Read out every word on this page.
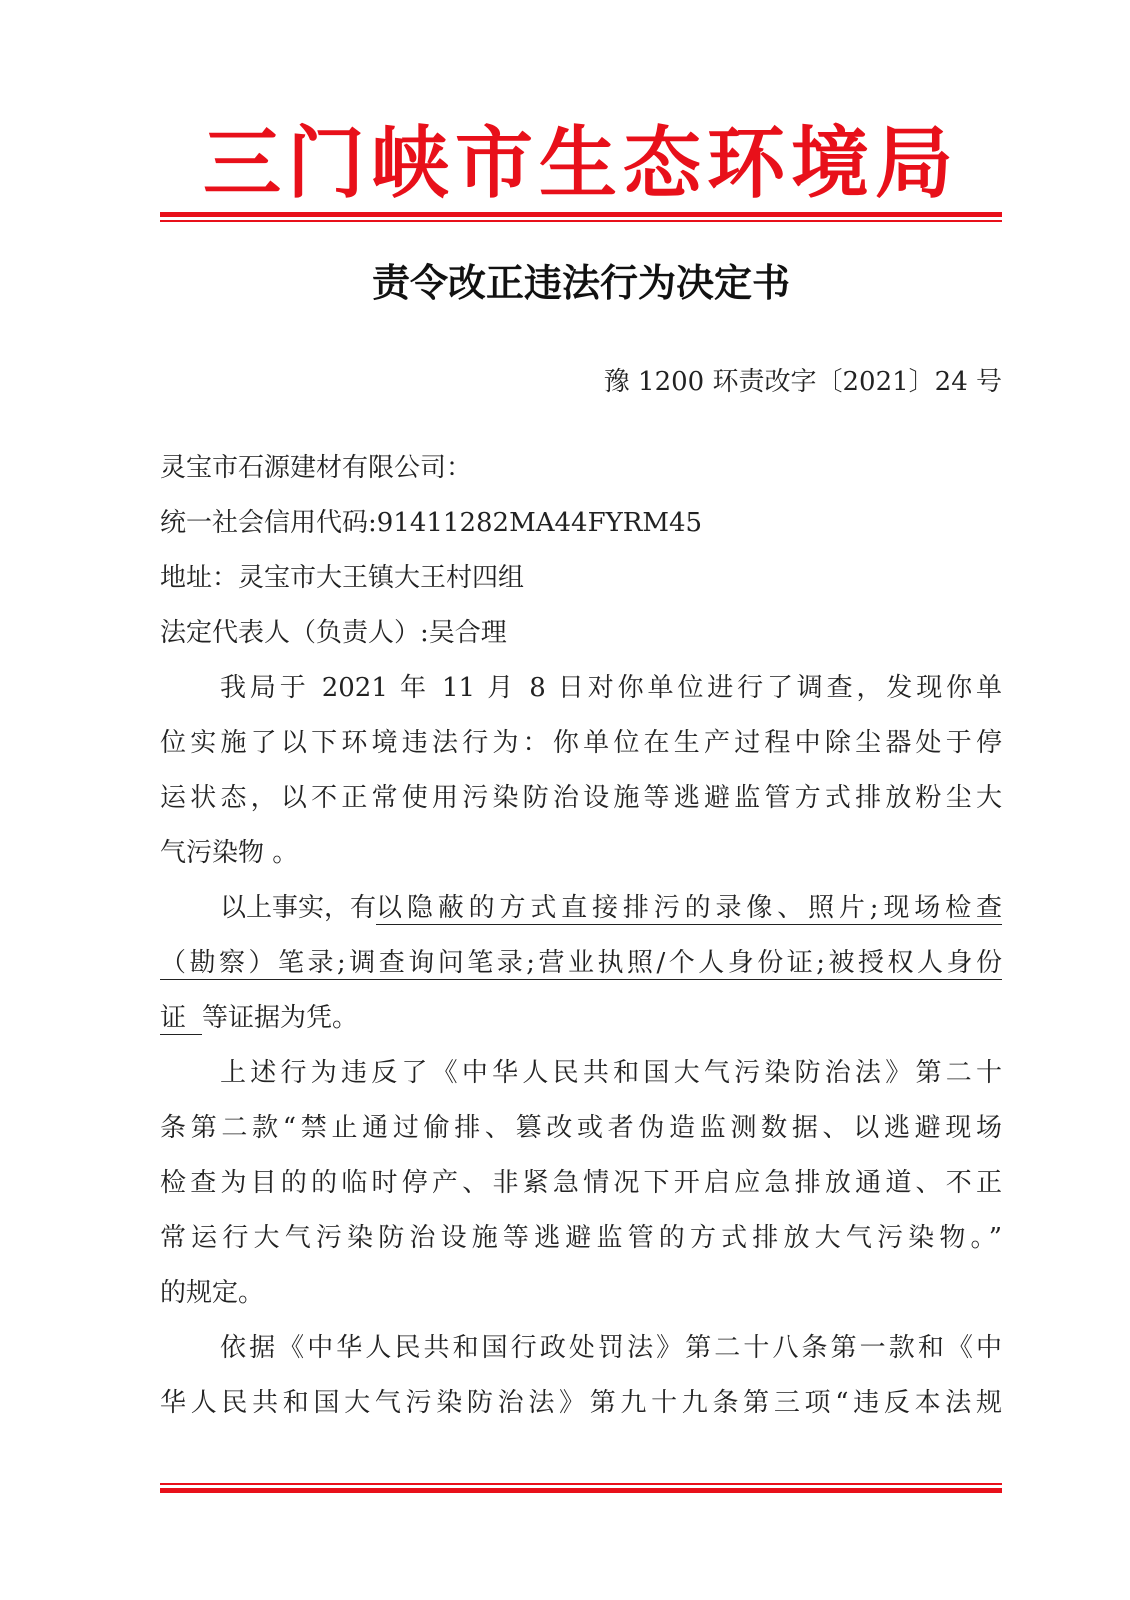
三门峡市生态环境局
责令改正违法行为决定书
豫 1200 环责改字〔2021〕24 号
灵宝市石源建材有限公司：
统一社会信用代码:91411282MA44FYRM45
地址：灵宝市大王镇大王村四组
法定代表人（负责人）:吴合理
我局于 2021 年 11 月 8 日对你单位进行了调查，发现你单
位实施了以下环境违法行为：你单位在生产过程中除尘器处于停
运状态，以不正常使用污染防治设施等逃避监管方式排放粉尘大
气污染物 。
以上事实，有 以隐蔽的方式直接排污的录像、照片;现场检查
（勘察）笔录;调查询问笔录;营业执照/个人身份证;被授权人身份
证等证据为凭。
上述行为违反了《中华人民共和国大气污染防治法》第二十
条第二款“禁止通过偷排、篡改或者伪造监测数据、以逃避现场
检查为目的的临时停产、非紧急情况下开启应急排放通道、不正
常运行大气污染防治设施等逃避监管的方式排放大气污染物。”
的规定。
依据《中华人民共和国行政处罚法》第二十八条第一款和《中
华人民共和国大气污染防治法》第九十九条第三项“违反本法规
